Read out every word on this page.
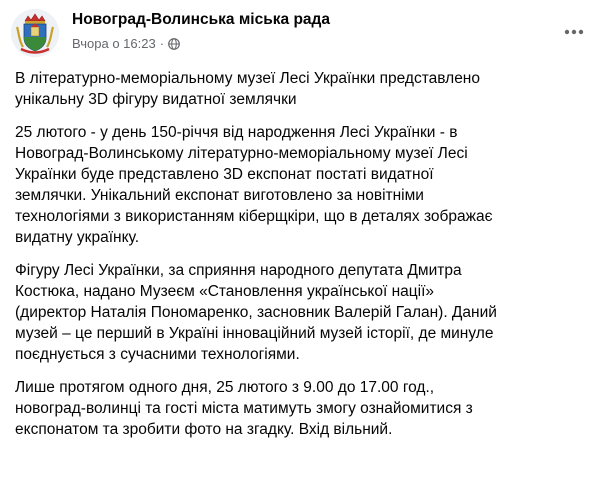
Новоград-Волинська міська рада
Вчора о 16:23 ·

В літературно-меморіальному музеї Лесі Українки представлено
унікальну 3D фігуру видатної землячки

25 лютого - у день 150-річчя від народження Лесі Українки - в
Новоград-Волинському літературно-меморіальному музеї Лесі
Українки буде представлено 3D експонат постаті видатної
землячки. Унікальний експонат виготовлено за новітніми
технологіями з використанням кіберщкіри, що в деталях зображає
видатну українку.

Фігуру Лесі Українки, за сприяння народного депутата Дмитра
Костюка, надано Музеєм «Становлення української нації»
(директор Наталія Пономаренко, засновник Валерій Галан). Даний
музей – це перший в Україні інноваційний музей історії, де минуле
поєднується з сучасними технологіями.

Лише протягом одного дня, 25 лютого з 9.00 до 17.00 год.,
новоград-волинці та гості міста матимуть змогу ознайомитися з
експонатом та зробити фото на згадку. Вхід вільний.
